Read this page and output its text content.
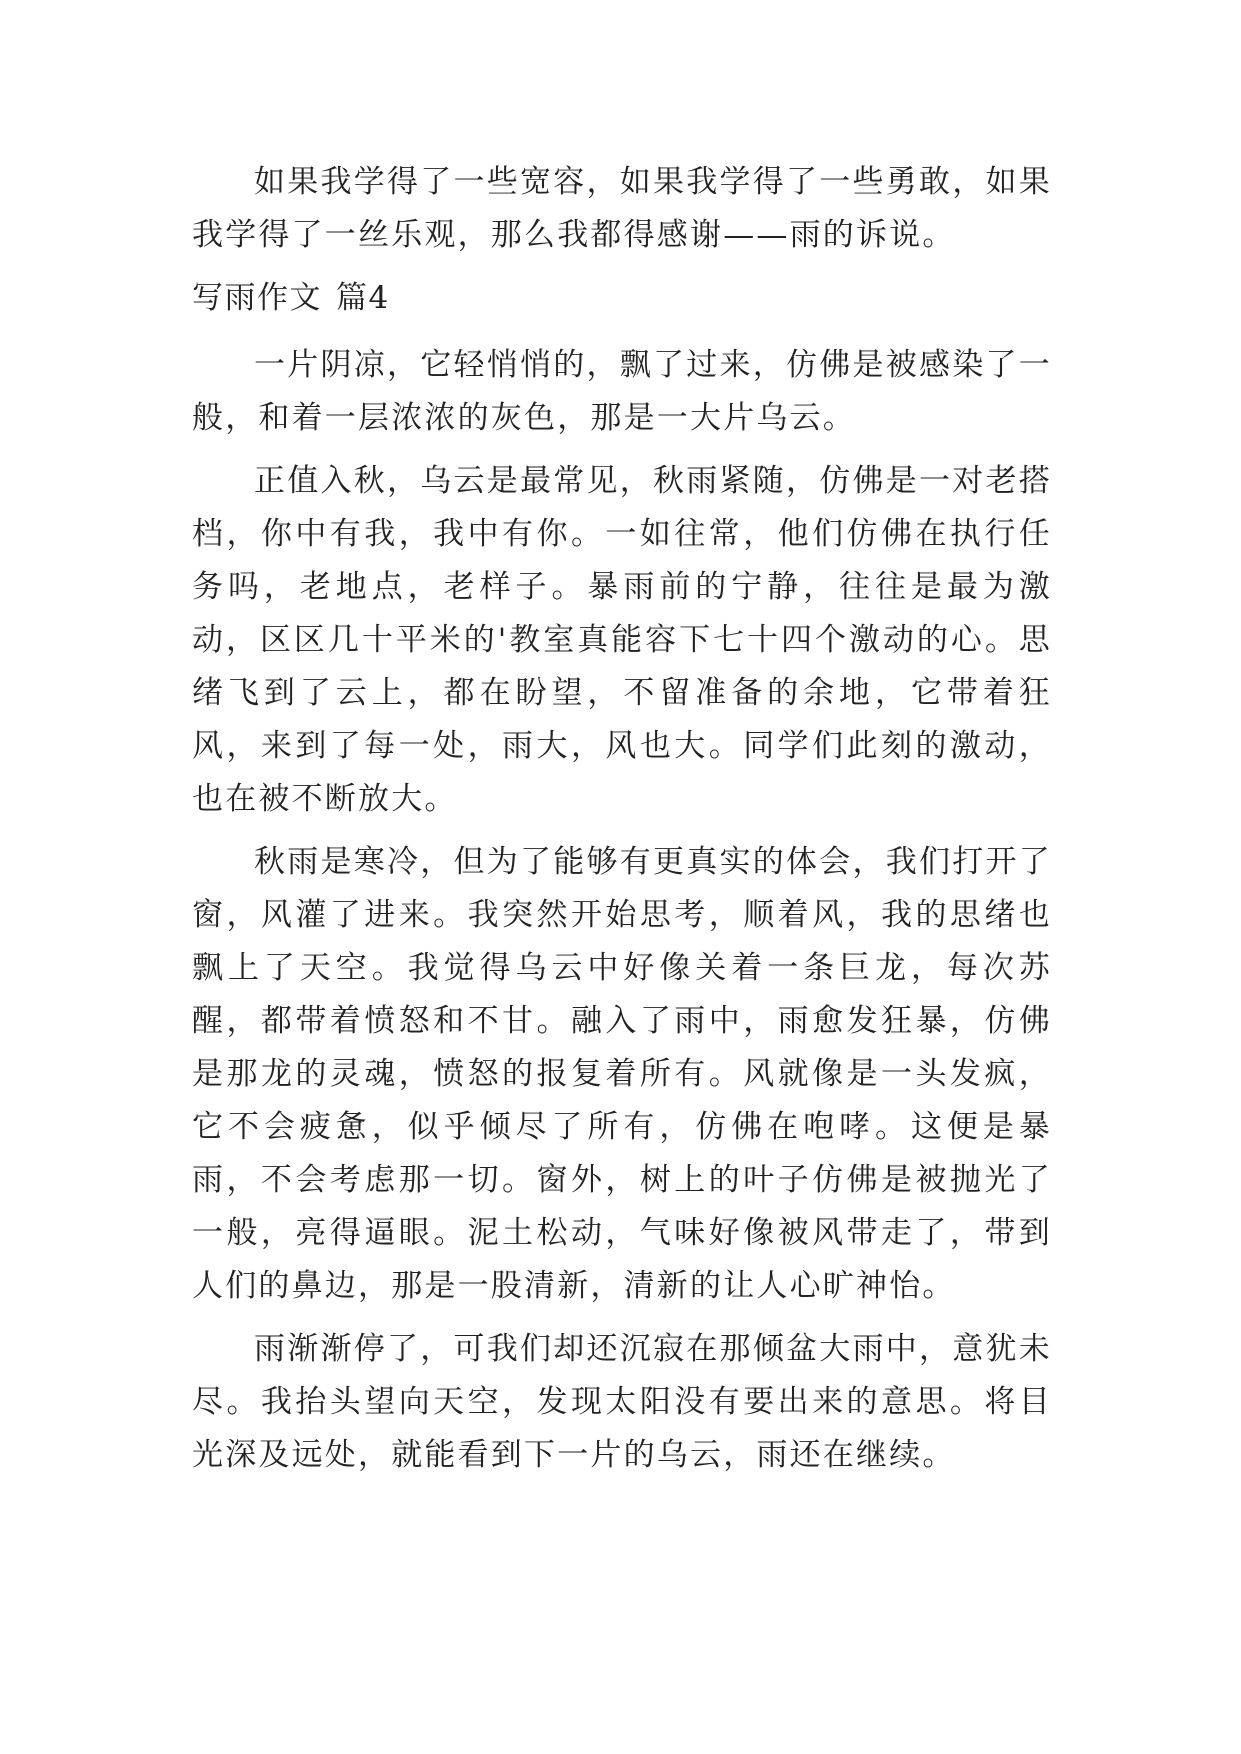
如果我学得了一些宽容，如果我学得了一些勇敢，如果我学得了一丝乐观，那么我都得感谢——雨的诉说。

写雨作文 篇4

一片阴凉，它轻悄悄的，飘了过来，仿佛是被感染了一般，和着一层浓浓的灰色，那是一大片乌云。

正值入秋，乌云是最常见，秋雨紧随，仿佛是一对老搭档，你中有我，我中有你。一如往常，他们仿佛在执行任务吗，老地点，老样子。暴雨前的宁静，往往是最为激动，区区几十平米的'教室真能容下七十四个激动的心。思绪飞到了云上，都在盼望，不留准备的余地，它带着狂风，来到了每一处，雨大，风也大。同学们此刻的激动，也在被不断放大。

秋雨是寒冷，但为了能够有更真实的体会，我们打开了窗，风灌了进来。我突然开始思考，顺着风，我的思绪也飘上了天空。我觉得乌云中好像关着一条巨龙，每次苏醒，都带着愤怒和不甘。融入了雨中，雨愈发狂暴，仿佛是那龙的灵魂，愤怒的报复着所有。风就像是一头发疯，它不会疲惫，似乎倾尽了所有，仿佛在咆哮。这便是暴雨，不会考虑那一切。窗外，树上的叶子仿佛是被抛光了一般，亮得逼眼。泥土松动，气味好像被风带走了，带到人们的鼻边，那是一股清新，清新的让人心旷神怡。

雨渐渐停了，可我们却还沉寂在那倾盆大雨中，意犹未尽。我抬头望向天空，发现太阳没有要出来的意思。将目光深及远处，就能看到下一片的乌云，雨还在继续。
